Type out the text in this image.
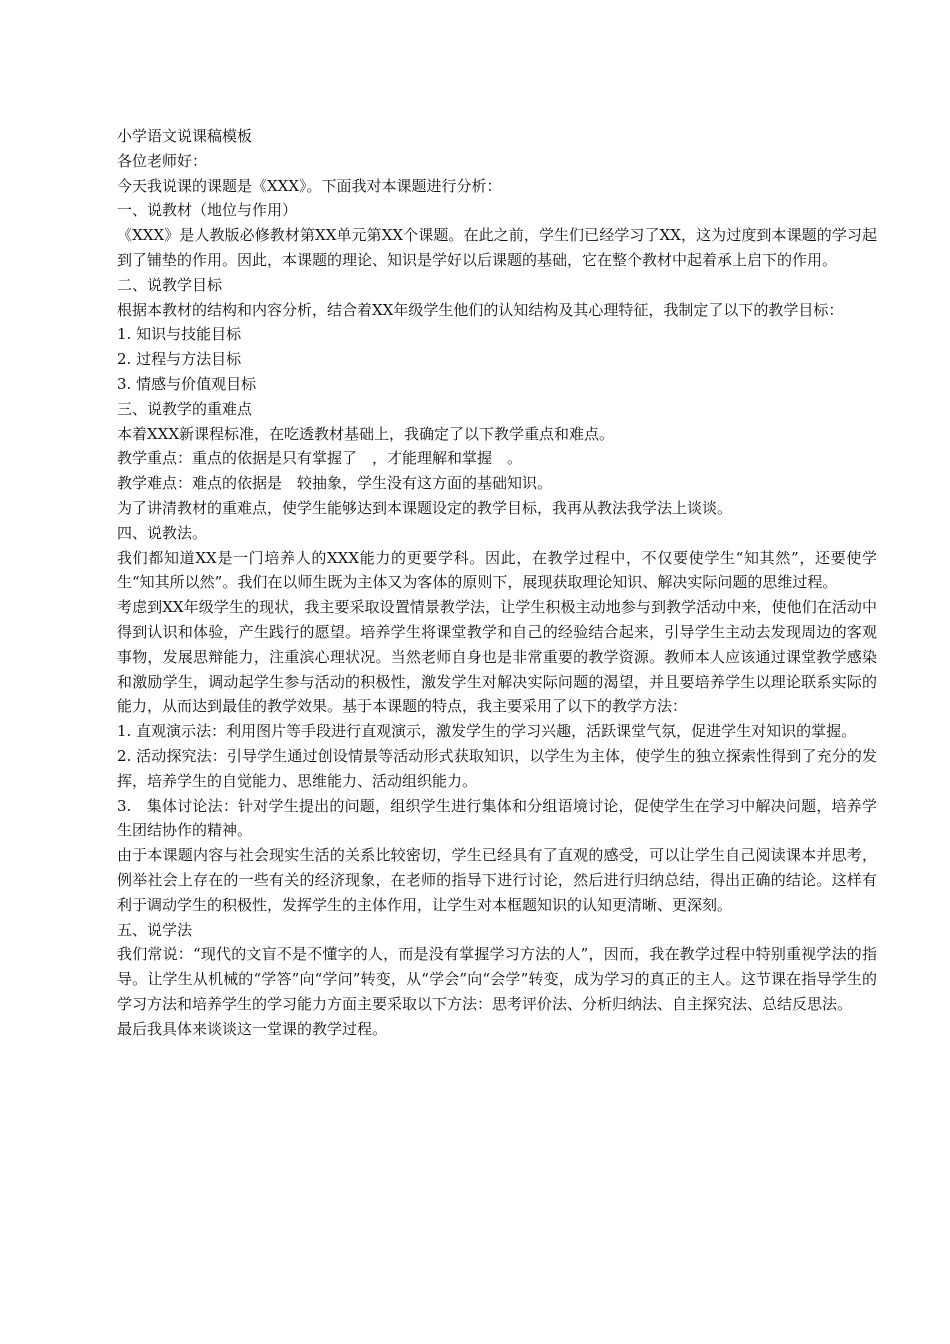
小学语文说课稿模板

各位老师好：

今天我说课的课题是《XXX》。下面我对本课题进行分析：

一、说教材（地位与作用）

《XXX》是人教版必修教材第XX单元第XX个课题。在此之前，学生们已经学习了XX，这为过度到本课题的学习起到了铺垫的作用。因此，本课题的理论、知识是学好以后课题的基础，它在整个教材中起着承上启下的作用。

二、说教学目标

根据本教材的结构和内容分析，结合着XX年级学生他们的认知结构及其心理特征，我制定了以下的教学目标：

1. 知识与技能目标

2. 过程与方法目标

3. 情感与价值观目标

三、说教学的重难点

本着XXX新课程标准，在吃透教材基础上，我确定了以下教学重点和难点。

教学重点：重点的依据是只有掌握了　，才能理解和掌握　。

教学难点：难点的依据是　较抽象，学生没有这方面的基础知识。

为了讲清教材的重难点，使学生能够达到本课题设定的教学目标，我再从教法我学法上谈谈。

四、说教法。

我们都知道XX是一门培养人的XXX能力的更要学科。因此，在教学过程中，不仅要使学生“知其然”，还要使学生“知其所以然”。我们在以师生既为主体又为客体的原则下，展现获取理论知识、解决实际问题的思维过程。

考虑到XX年级学生的现状，我主要采取设置情景教学法，让学生积极主动地参与到教学活动中来，使他们在活动中得到认识和体验，产生践行的愿望。培养学生将课堂教学和自己的经验结合起来，引导学生主动去发现周边的客观事物，发展思辩能力，注重滨心理状况。当然老师自身也是非常重要的教学资源。教师本人应该通过课堂教学感染和激励学生，调动起学生参与活动的积极性，激发学生对解决实际问题的渴望，并且要培养学生以理论联系实际的能力，从而达到最佳的教学效果。基于本课题的特点，我主要采用了以下的教学方法：

1. 直观演示法：利用图片等手段进行直观演示，激发学生的学习兴趣，活跃课堂气氛，促进学生对知识的掌握。

2. 活动探究法：引导学生通过创设情景等活动形式获取知识，以学生为主体，使学生的独立探索性得到了充分的发挥，培养学生的自觉能力、思维能力、活动组织能力。

3.　集体讨论法：针对学生提出的问题，组织学生进行集体和分组语境讨论，促使学生在学习中解决问题，培养学生团结协作的精神。

由于本课题内容与社会现实生活的关系比较密切，学生已经具有了直观的感受，可以让学生自己阅读课本并思考，例举社会上存在的一些有关的经济现象，在老师的指导下进行讨论，然后进行归纳总结，得出正确的结论。这样有利于调动学生的积极性，发挥学生的主体作用，让学生对本框题知识的认知更清晰、更深刻。

五、说学法

我们常说：“现代的文盲不是不懂字的人，而是没有掌握学习方法的人”，因而，我在教学过程中特别重视学法的指导。让学生从机械的“学答”向“学问”转变，从“学会”向“会学”转变，成为学习的真正的主人。这节课在指导学生的学习方法和培养学生的学习能力方面主要采取以下方法：思考评价法、分析归纳法、自主探究法、总结反思法。

最后我具体来谈谈这一堂课的教学过程。
